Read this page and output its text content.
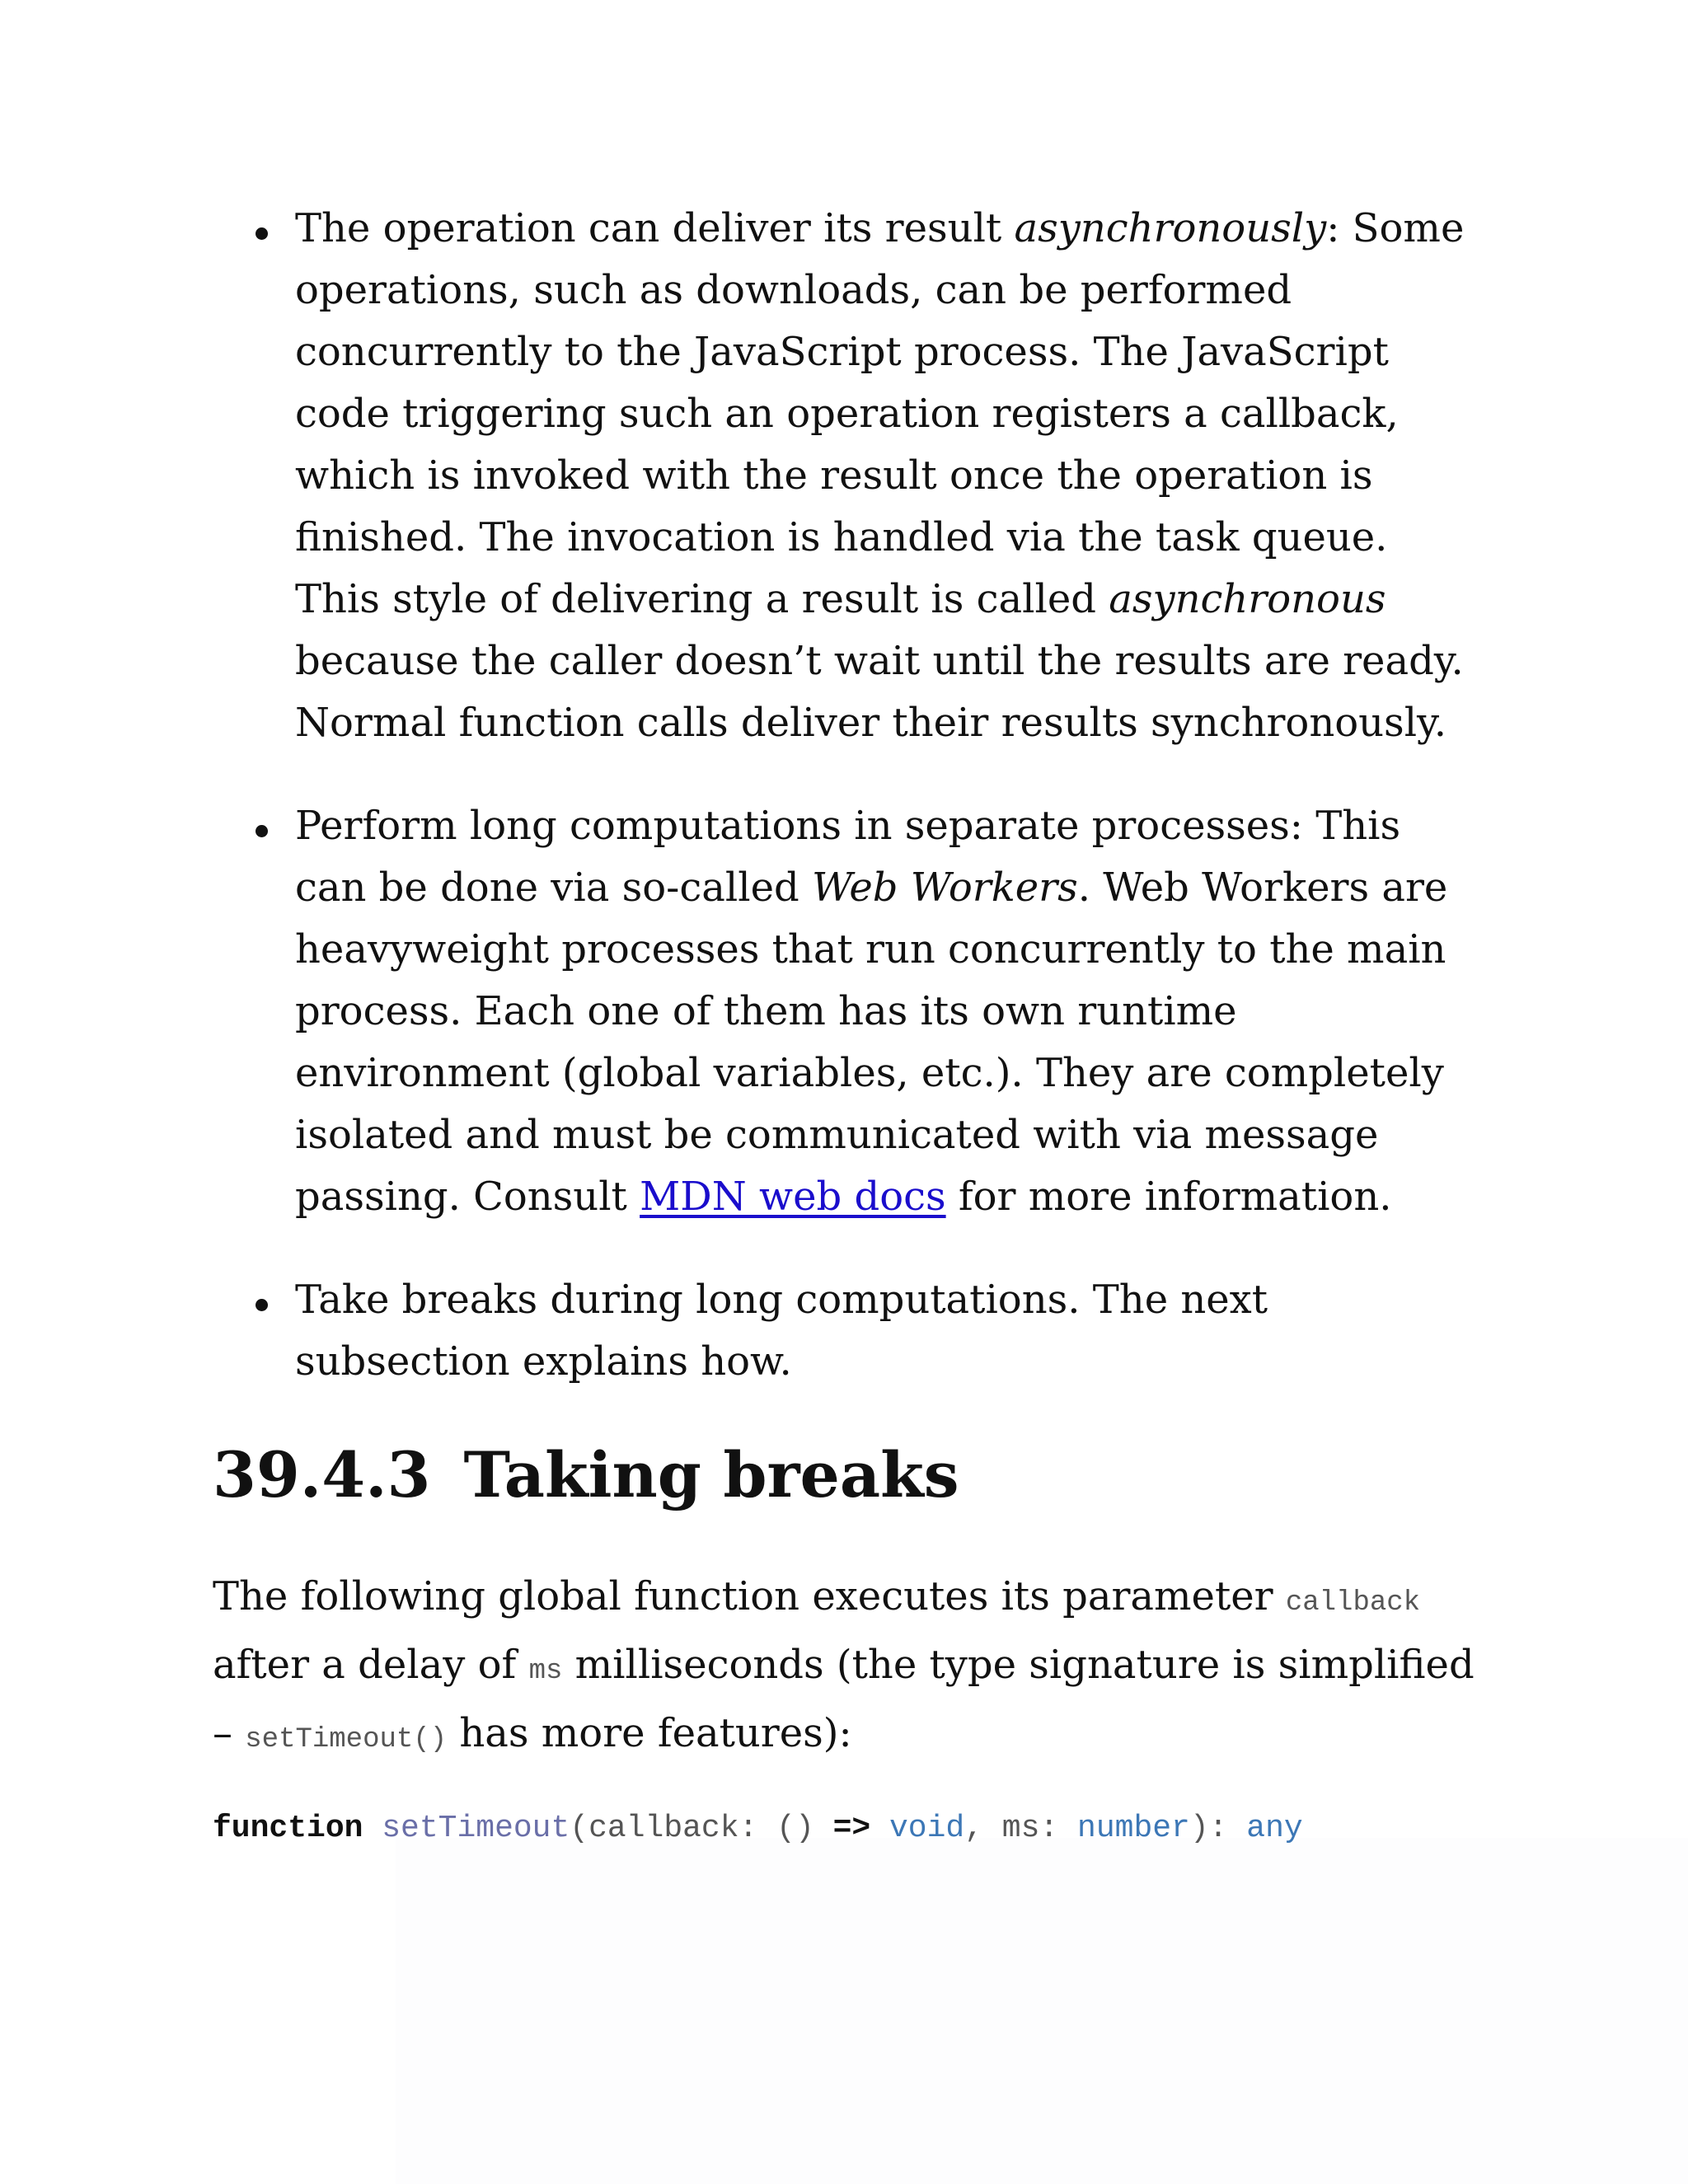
The operation can deliver its result asynchronously: Some operations, such as downloads, can be performed concurrently to the JavaScript process. The JavaScript code triggering such an operation registers a callback, which is invoked with the result once the operation is finished. The invocation is handled via the task queue. This style of delivering a result is called asynchronous because the caller doesn’t wait until the results are ready. Normal function calls deliver their results synchronously.
Perform long computations in separate processes: This can be done via so-called Web Workers. Web Workers are heavyweight processes that run concurrently to the main process. Each one of them has its own runtime environment (global variables, etc.). They are completely isolated and must be communicated with via message passing. Consult MDN web docs for more information.
Take breaks during long computations. The next subsection explains how.
39.4.3 Taking breaks

The following global function executes its parameter callback after a delay of ms milliseconds (the type signature is simplified – setTimeout() has more features):

function setTimeout(callback: () => void, ms: number): any
